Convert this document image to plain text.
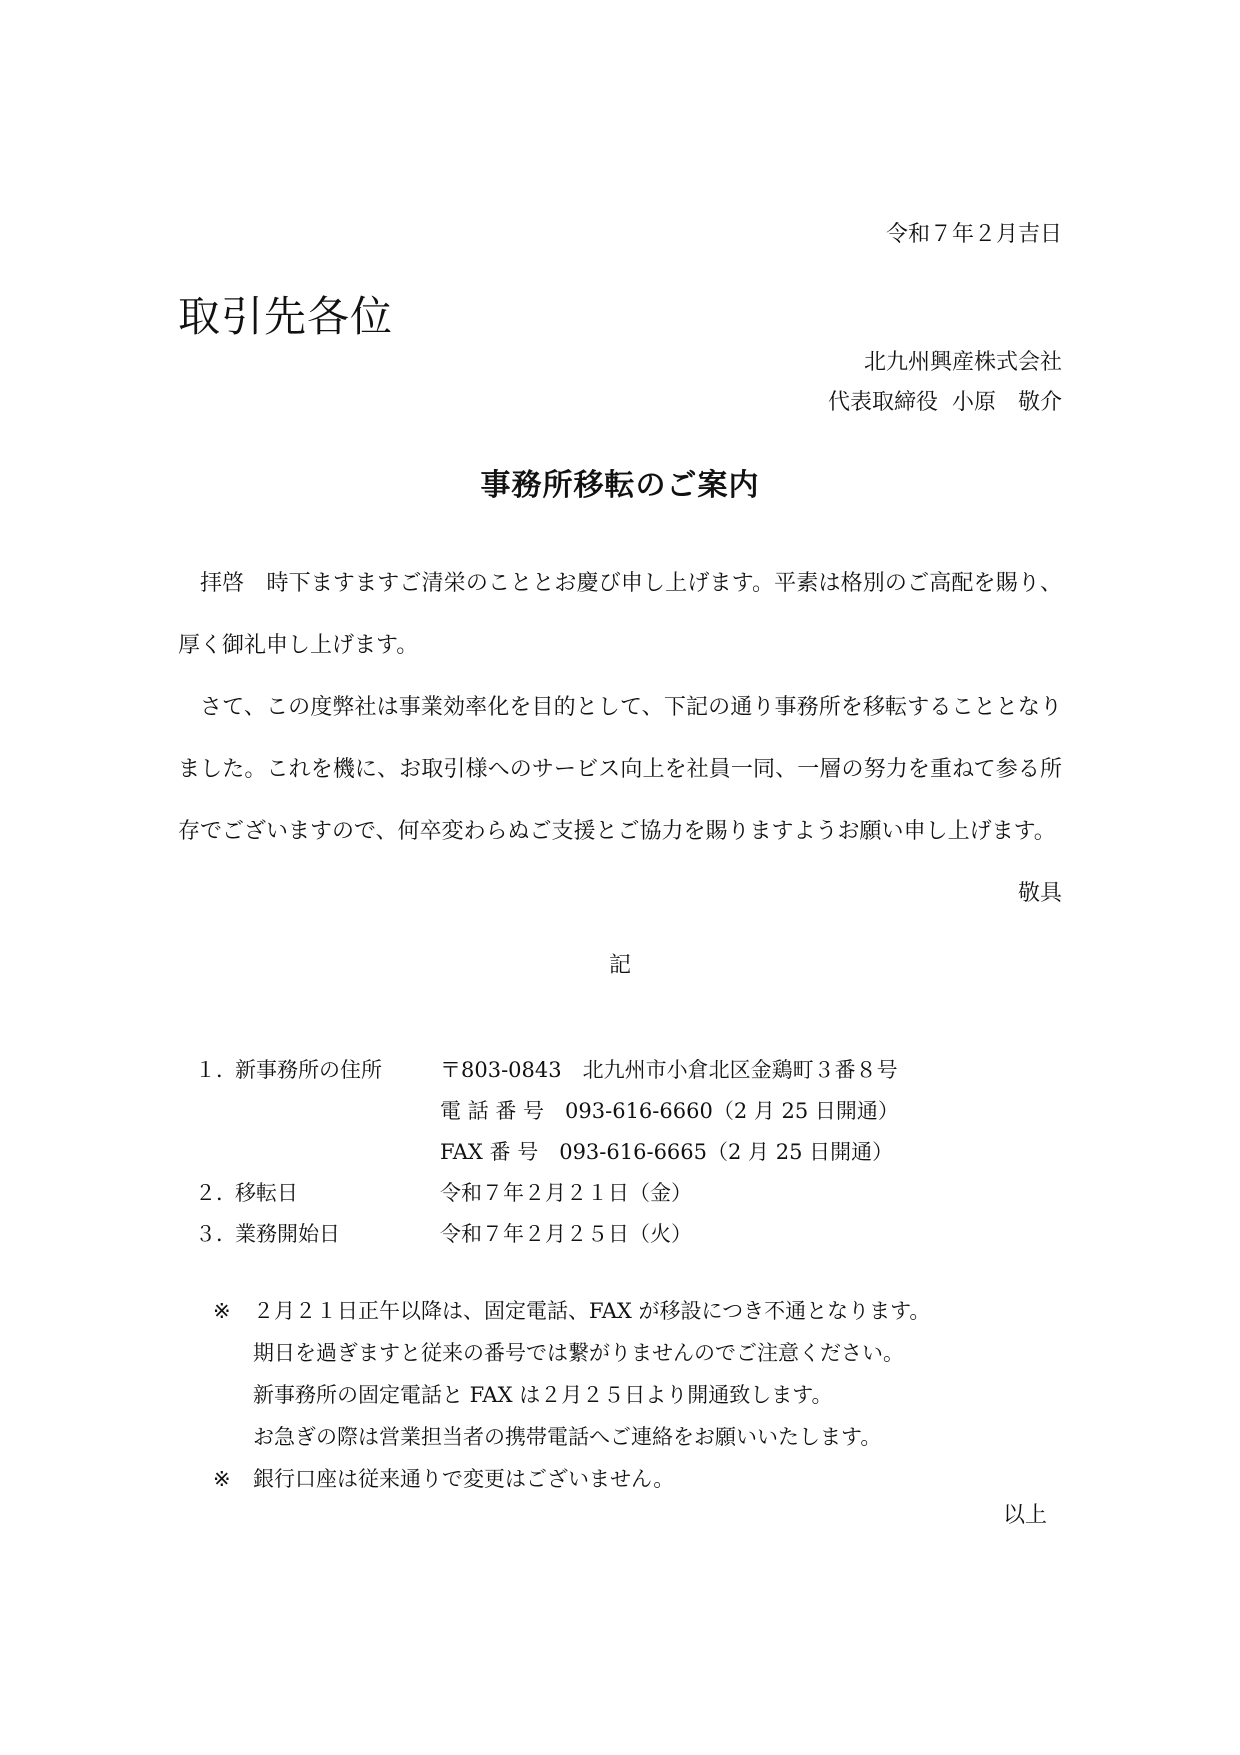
令和７年２月吉日
取引先各位
北九州興産株式会社
代表取締役 小原　敬介
事務所移転のご案内

拝啓　時下ますますご清栄のこととお慶び申し上げます。平素は格別のご高配を賜り、厚く御礼申し上げます。

さて、この度弊社は事業効率化を目的として、下記の通り事務所を移転することとなりました。これを機に、お取引様へのサービス向上を社員一同、一層の努力を重ねて参る所存でございますので、何卒変わらぬご支援とご協力を賜りますようお願い申し上げます。

敬具
記
１．
新事務所の住所	〒803-0843　北九州市小倉北区金鶏町３番８号
電 話 番 号　093-616-6660（2 月 25 日開通）
FAX 番 号　093-616-6665（2 月 25 日開通）
２．
移転日	令和７年２月２１日（金）
３．
業務開始日	令和７年２月２５日（火）
※ ２月２１日正午以降は、固定電話、FAX が移設につき不通となります。
期日を過ぎますと従来の番号では繋がりませんのでご注意ください。
新事務所の固定電話と FAX は２月２５日より開通致します。
お急ぎの際は営業担当者の携帯電話へご連絡をお願いいたします。
※ 銀行口座は従来通りで変更はございません。
以上
